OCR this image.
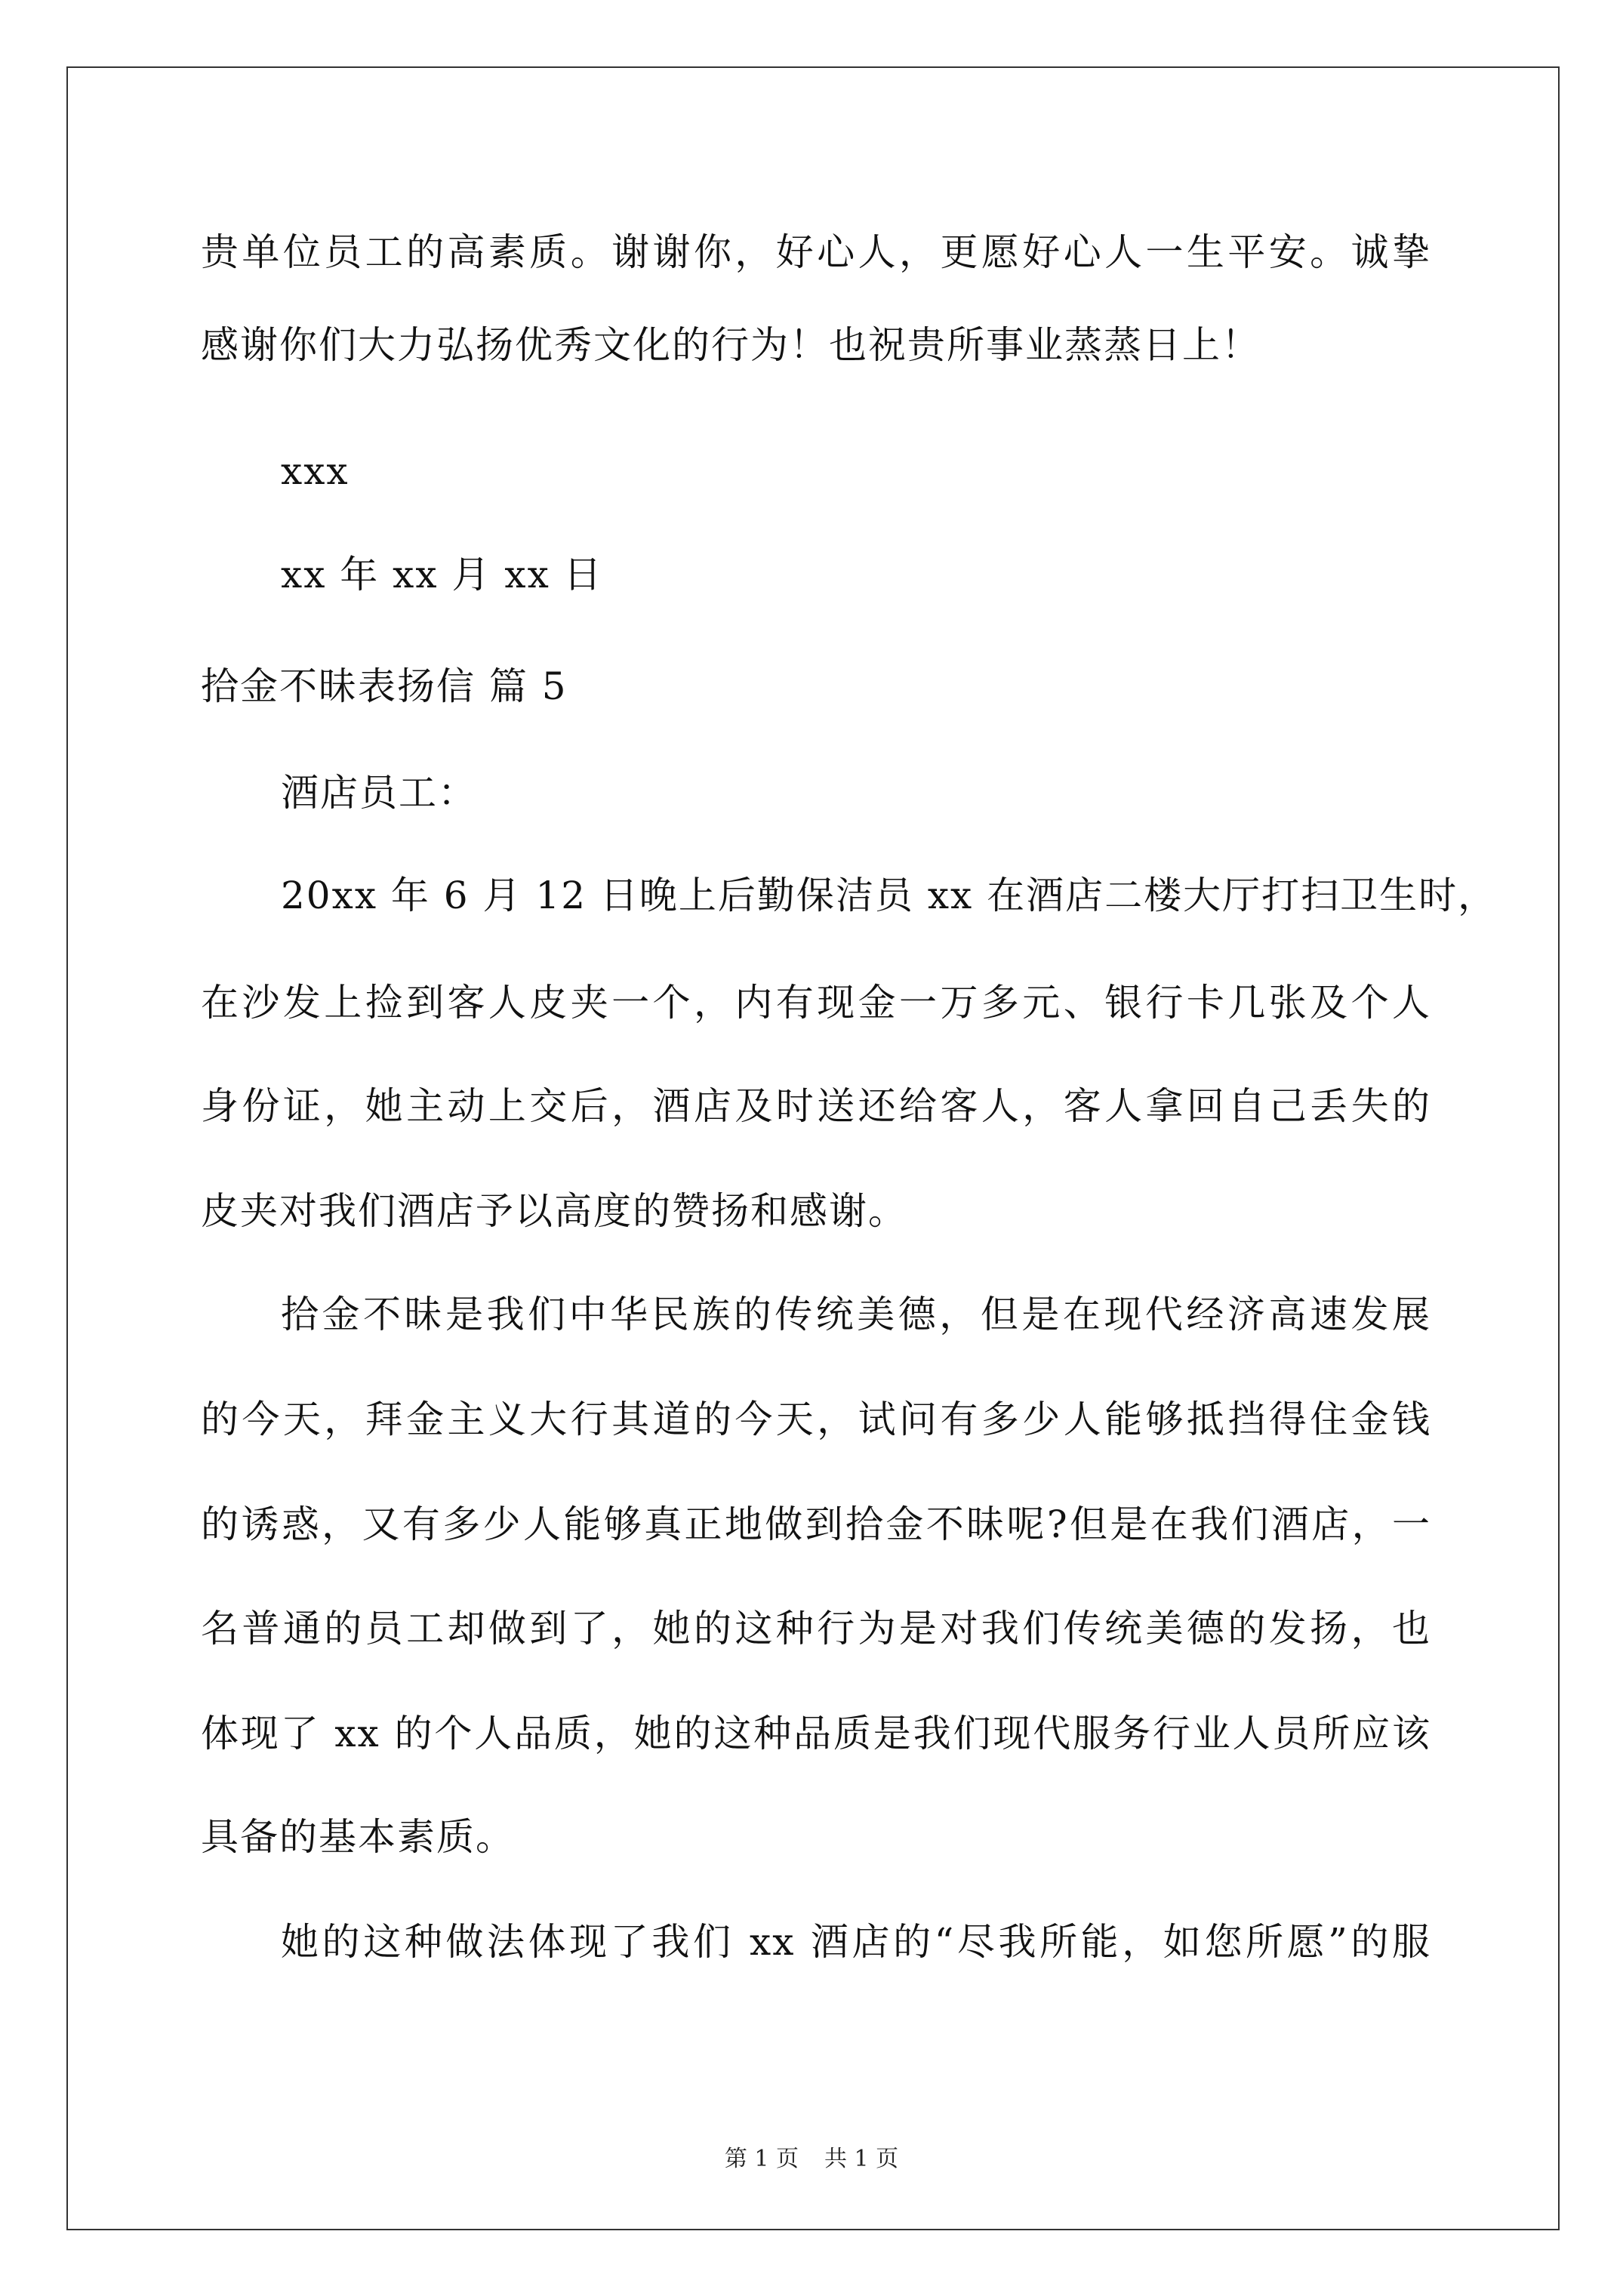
贵单位员工的高素质。谢谢你，好心人，更愿好心人一生平安。诚挚
感谢你们大力弘扬优秀文化的行为！也祝贵所事业蒸蒸日上！
xxx
xx 年 xx 月 xx 日
拾金不昧表扬信 篇 5
酒店员工：
20xx 年 6 月 12 日晚上后勤保洁员 xx 在酒店二楼大厅打扫卫生时，
在沙发上捡到客人皮夹一个，内有现金一万多元、银行卡几张及个人
身份证，她主动上交后，酒店及时送还给客人，客人拿回自己丢失的
皮夹对我们酒店予以高度的赞扬和感谢。
拾金不昧是我们中华民族的传统美德，但是在现代经济高速发展
的今天，拜金主义大行其道的今天，试问有多少人能够抵挡得住金钱
的诱惑，又有多少人能够真正地做到拾金不昧呢?但是在我们酒店，一
名普通的员工却做到了，她的这种行为是对我们传统美德的发扬，也
体现了 xx 的个人品质，她的这种品质是我们现代服务行业人员所应该
具备的基本素质。
她的这种做法体现了我们 xx 酒店的“尽我所能，如您所愿”的服
第 1 页 共 1 页
